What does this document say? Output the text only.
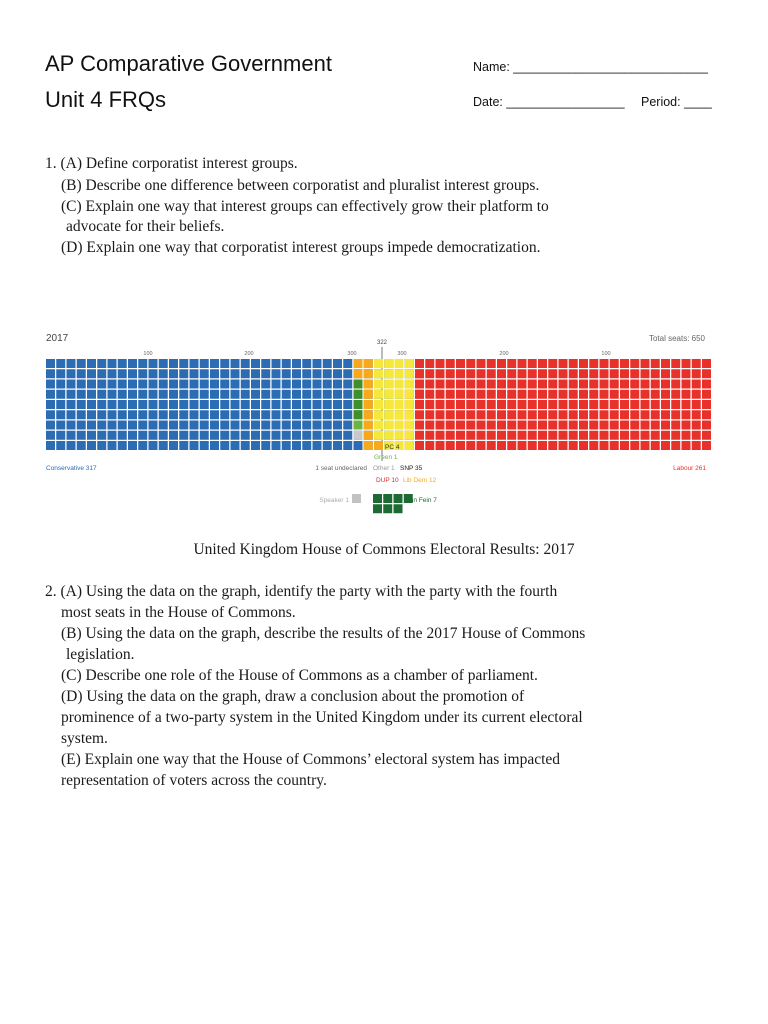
AP Comparative Government
Unit 4 FRQs
Name: ____________________________
Date: _________________ Period: ____
1. (A) Define corporatist interest groups.
(B) Describe one difference between corporatist and pluralist interest groups.
(C) Explain one way that interest groups can effectively grow their platform to
advocate for their beliefs.
(D) Explain one way that corporatist interest groups impede democratization.
2017	Total seats: 650
100	200	300	300	200	100
322
Conservative 317	1 seat undeclared Other 1 SNP 35
PC 4
Green 1
DUP 10 Lib Dem 12
Labour 261
Speaker 1	Sinn Fein 7
United Kingdom House of Commons Electoral Results: 2017
2. (A) Using the data on the graph, identify the party with the party with the fourth
most seats in the House of Commons.
(B) Using the data on the graph, describe the results of the 2017 House of Commons
legislation.
(C) Describe one role of the House of Commons as a chamber of parliament.
(D) Using the data on the graph, draw a conclusion about the promotion of
prominence of a two-party system in the United Kingdom under its current electoral
system.
(E) Explain one way that the House of Commons’ electoral system has impacted
representation of voters across the country.
